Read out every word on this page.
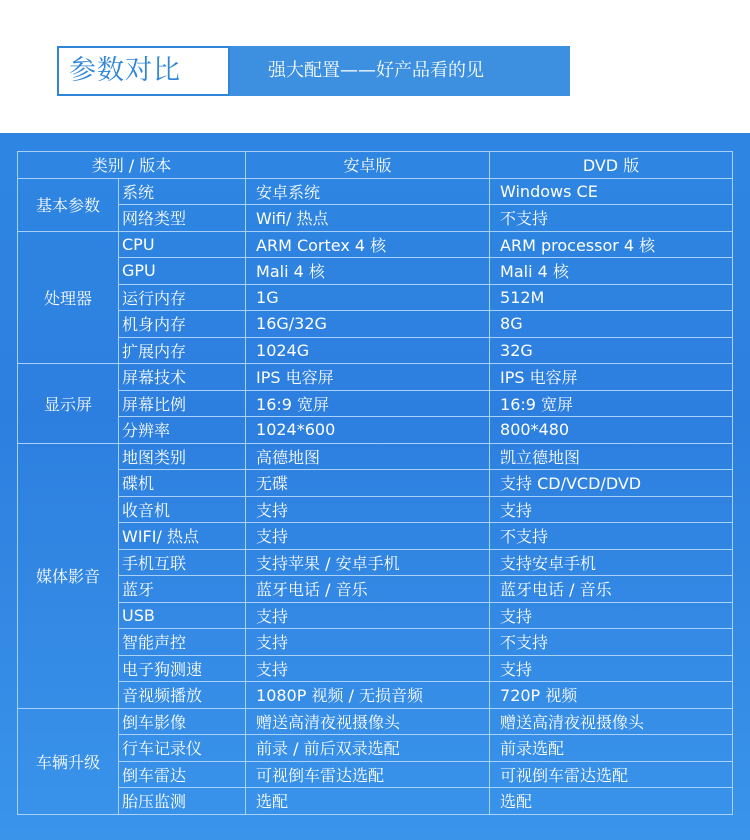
参数对比	强大配置——好产品看的见
类别 / 版本		安卓版	DVD 版
基本参数	系统	安卓系统	Windows CE
	网络类型	Wifi/ 热点	不支持
处理器	CPU	ARM Cortex 4 核	ARM processor 4 核
	GPU	Mali 4 核	Mali 4 核
	运行内存	1G	512M
	机身内存	16G/32G	8G
	扩展内存	1024G	32G
显示屏	屏幕技术	IPS 电容屏	IPS 电容屏
	屏幕比例	16:9 宽屏	16:9 宽屏
	分辨率	1024*600	800*480
媒体影音	地图类别	高德地图	凯立德地图
	碟机	无碟	支持 CD/VCD/DVD
	收音机	支持	支持
	WIFI/ 热点	支持	不支持
	手机互联	支持苹果 / 安卓手机	支持安卓手机
	蓝牙	蓝牙电话 / 音乐	蓝牙电话 / 音乐
	USB	支持	支持
	智能声控	支持	不支持
	电子狗测速	支持	支持
	音视频播放	1080P 视频 / 无损音频	720P 视频
车辆升级	倒车影像	赠送高清夜视摄像头	赠送高清夜视摄像头
	行车记录仪	前录 / 前后双录选配	前录选配
	倒车雷达	可视倒车雷达选配	可视倒车雷达选配
	胎压监测	选配	选配
